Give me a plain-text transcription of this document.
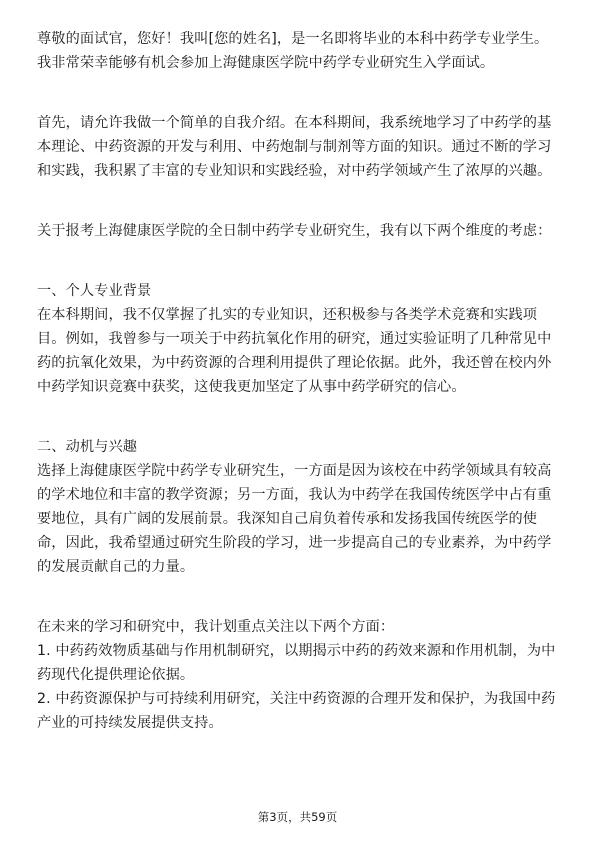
尊敬的面试官，您好！我叫[您的姓名]，是一名即将毕业的本科中药学专业学生。
我非常荣幸能够有机会参加上海健康医学院中药学专业研究生入学面试。
首先，请允许我做一个简单的自我介绍。在本科期间，我系统地学习了中药学的基
本理论、中药资源的开发与利用、中药炮制与制剂等方面的知识。通过不断的学习
和实践，我积累了丰富的专业知识和实践经验，对中药学领域产生了浓厚的兴趣。
关于报考上海健康医学院的全日制中药学专业研究生，我有以下两个维度的考虑：
一、个人专业背景
在本科期间，我不仅掌握了扎实的专业知识，还积极参与各类学术竞赛和实践项
目。例如，我曾参与一项关于中药抗氧化作用的研究，通过实验证明了几种常见中
药的抗氧化效果，为中药资源的合理利用提供了理论依据。此外，我还曾在校内外
中药学知识竞赛中获奖，这使我更加坚定了从事中药学研究的信心。
二、动机与兴趣
选择上海健康医学院中药学专业研究生，一方面是因为该校在中药学领域具有较高
的学术地位和丰富的教学资源；另一方面，我认为中药学在我国传统医学中占有重
要地位，具有广阔的发展前景。我深知自己肩负着传承和发扬我国传统医学的使
命，因此，我希望通过研究生阶段的学习，进一步提高自己的专业素养，为中药学
的发展贡献自己的力量。
在未来的学习和研究中，我计划重点关注以下两个方面：
1. 中药药效物质基础与作用机制研究，以期揭示中药的药效来源和作用机制，为中
药现代化提供理论依据。
2. 中药资源保护与可持续利用研究，关注中药资源的合理开发和保护，为我国中药
产业的可持续发展提供支持。
第3页，共59页
